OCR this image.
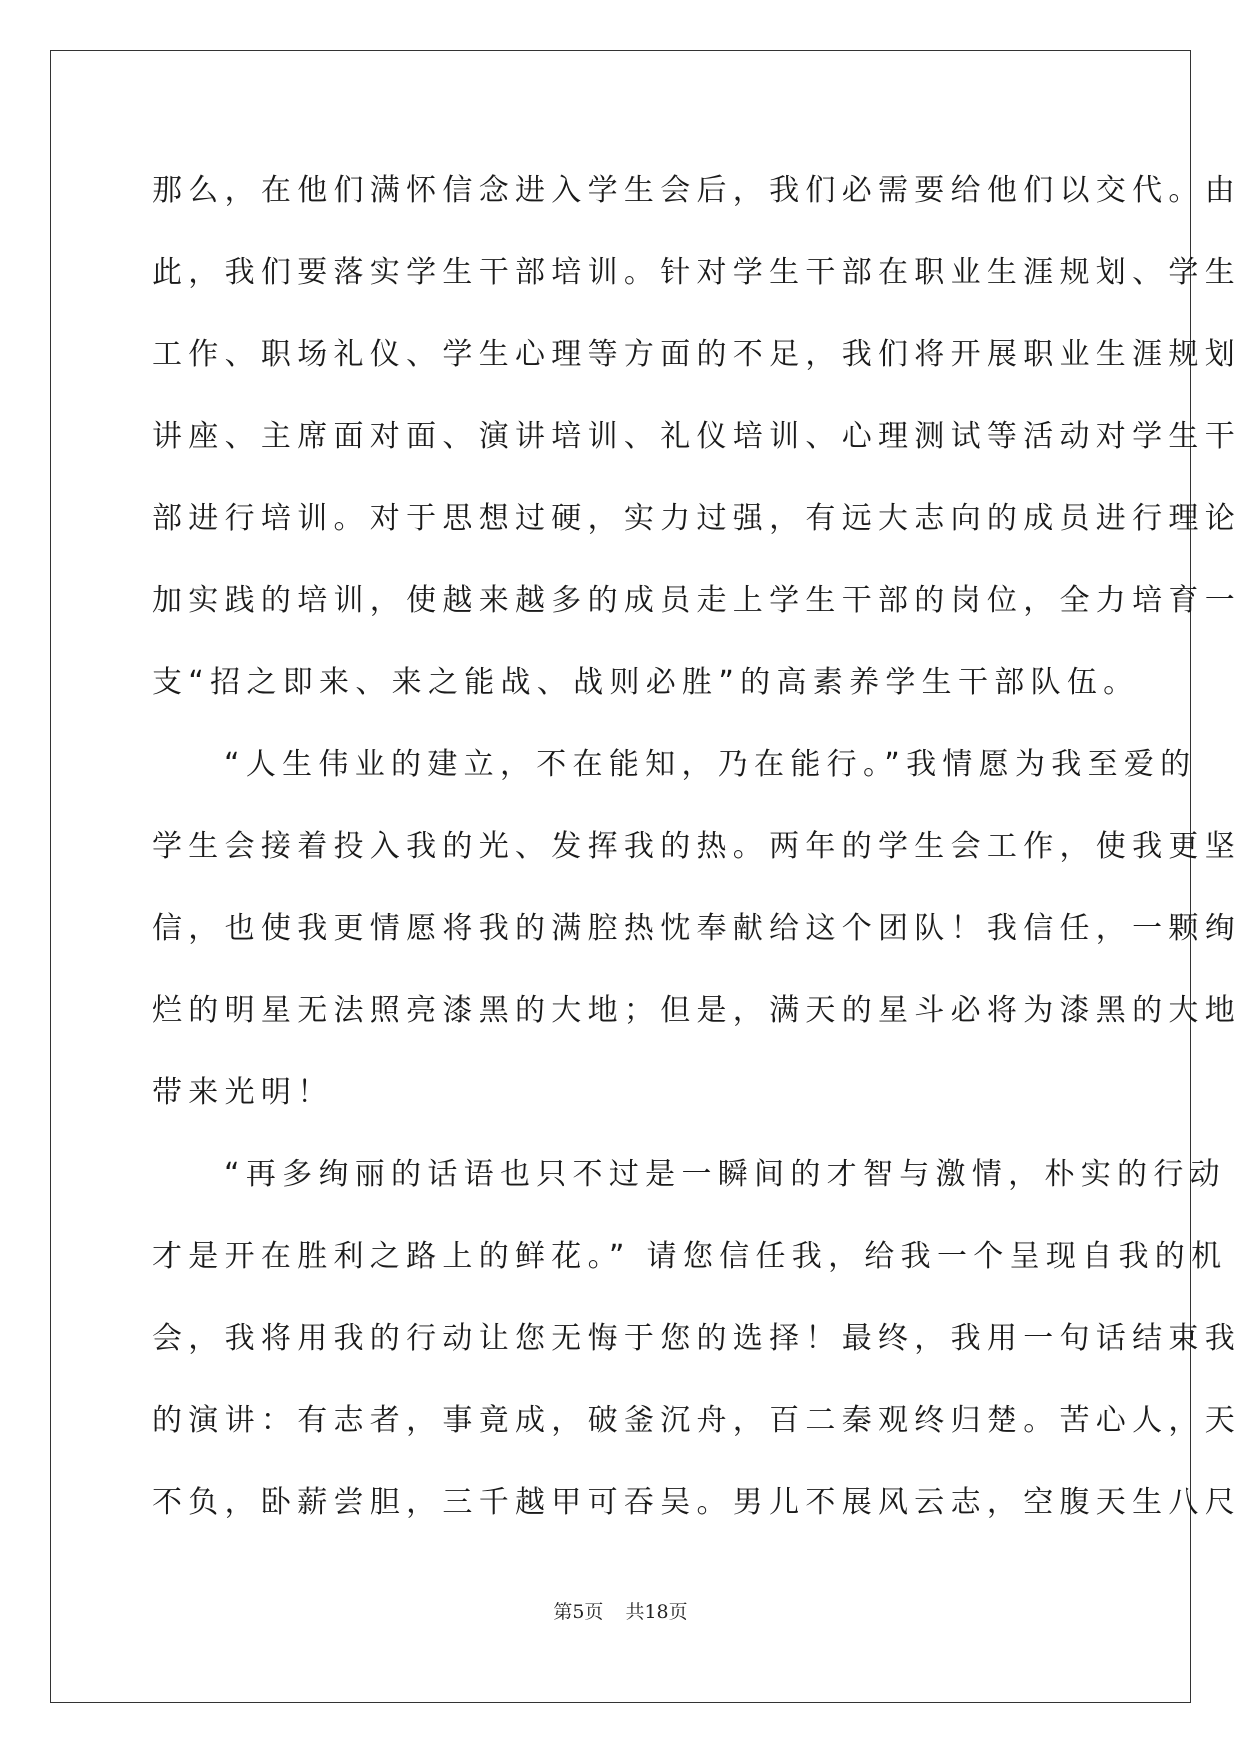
那么，在他们满怀信念进入学生会后，我们必需要给他们以交代。由
此，我们要落实学生干部培训。针对学生干部在职业生涯规划、学生
工作、职场礼仪、学生心理等方面的不足，我们将开展职业生涯规划
讲座、主席面对面、演讲培训、礼仪培训、心理测试等活动对学生干
部进行培训。对于思想过硬，实力过强，有远大志向的成员进行理论
加实践的培训，使越来越多的成员走上学生干部的岗位，全力培育一
支“招之即来、来之能战、战则必胜”的高素养学生干部队伍。
“人生伟业的建立，不在能知，乃在能行。”我情愿为我至爱的
学生会接着投入我的光、发挥我的热。两年的学生会工作，使我更坚
信，也使我更情愿将我的满腔热忱奉献给这个团队！我信任，一颗绚
烂的明星无法照亮漆黑的大地；但是，满天的星斗必将为漆黑的大地
带来光明！
“再多绚丽的话语也只不过是一瞬间的才智与激情，朴实的行动
才是开在胜利之路上的鲜花。” 请您信任我，给我一个呈现自我的机
会，我将用我的行动让您无悔于您的选择！最终，我用一句话结束我
的演讲：有志者，事竟成，破釜沉舟，百二秦观终归楚。苦心人，天
不负，卧薪尝胆，三千越甲可吞吴。男儿不展风云志，空腹天生八尺
第5页 共18页
